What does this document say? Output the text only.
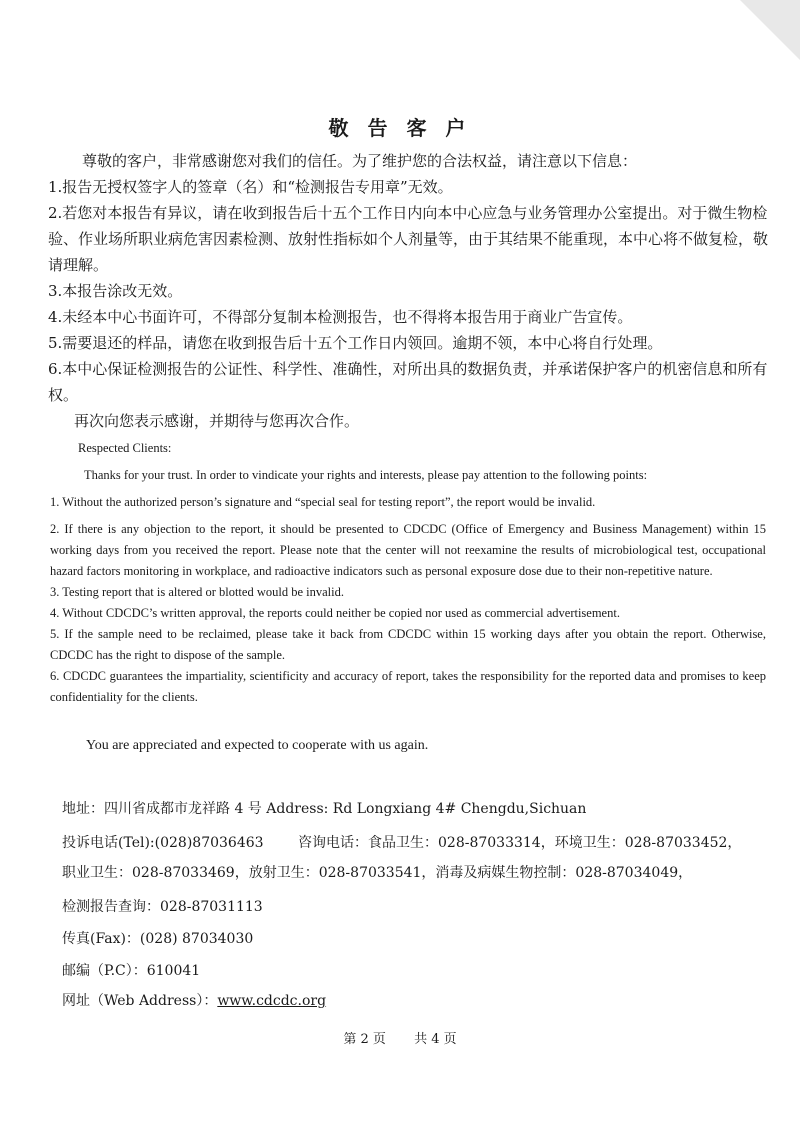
敬 告 客 户

尊敬的客户，非常感谢您对我们的信任。为了维护您的合法权益，请注意以下信息：

1.报告无授权签字人的签章（名）和“检测报告专用章”无效。

2.若您对本报告有异议，请在收到报告后十五个工作日内向本中心应急与业务管理办公室提出。对于微生物检验、作业场所职业病危害因素检测、放射性指标如个人剂量等，由于其结果不能重现，本中心将不做复检，敬请理解。

3.本报告涂改无效。

4.未经本中心书面许可，不得部分复制本检测报告，也不得将本报告用于商业广告宣传。

5.需要退还的样品，请您在收到报告后十五个工作日内领回。逾期不领，本中心将自行处理。

6.本中心保证检测报告的公证性、科学性、准确性，对所出具的数据负责，并承诺保护客户的机密信息和所有权。

再次向您表示感谢，并期待与您再次合作。

Respected Clients:

Thanks for your trust. In order to vindicate your rights and interests, please pay attention to the following points:

1. Without the authorized person’s signature and “special seal for testing report”, the report would be invalid.

2. If there is any objection to the report, it should be presented to CDCDC (Office of Emergency and Business Management) within 15 working days from you received the report. Please note that the center will not reexamine the results of microbiological test, occupational hazard factors monitoring in workplace, and radioactive indicators such as personal exposure dose due to their non-repetitive nature.

3. Testing report that is altered or blotted would be invalid.

4. Without CDCDC’s written approval, the reports could neither be copied nor used as commercial advertisement.

5. If the sample need to be reclaimed, please take it back from CDCDC within 15 working days after you obtain the report. Otherwise, CDCDC has the right to dispose of the sample.

6. CDCDC guarantees the impartiality, scientificity and accuracy of report, takes the responsibility for the reported data and promises to keep confidentiality for the clients.

You are appreciated and expected to cooperate with us again.
地址：四川省成都市龙祥路 4 号 Address: Rd Longxiang 4# Chengdu,Sichuan
投诉电话(Tel):(028)87036463 咨询电话：食品卫生：028-87033314，环境卫生：028-87033452，
职业卫生：028-87033469，放射卫生：028-87033541，消毒及病媒生物控制：028-87034049，
检测报告查询：028-87031113
传真(Fax)：(028) 87034030
邮编（P.C）：610041
网址（Web Address）：www.cdcdc.org
第 2 页 共 4 页
